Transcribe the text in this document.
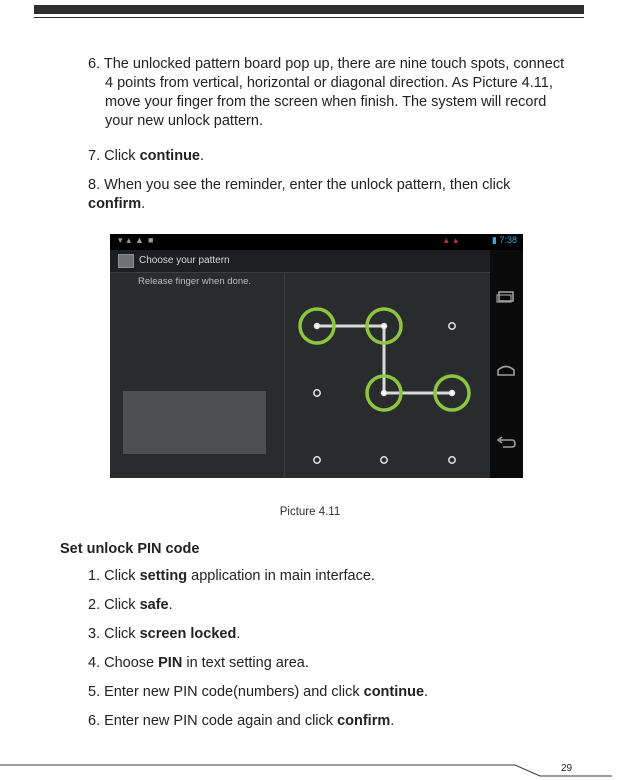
6. The unlocked pattern board pop up, there are nine touch spots, connect 4 points from vertical, horizontal or diagonal direction. As Picture 4.11, move your finger from the screen when finish. The system will record your new unlock pattern.

7. Click continue.

8. When you see the reminder, enter the unlock pattern, then click confirm.

▾▴▲■	▴▴	▮ 7:38
Choose your pattern
Release finger when done.

Picture 4.11

Set unlock PIN code

1. Click setting application in main interface.

2. Click safe.

3. Click screen locked.

4. Choose PIN in text setting area.

5. Enter new PIN code(numbers) and click continue.

6. Enter new PIN code again and click confirm.

29
